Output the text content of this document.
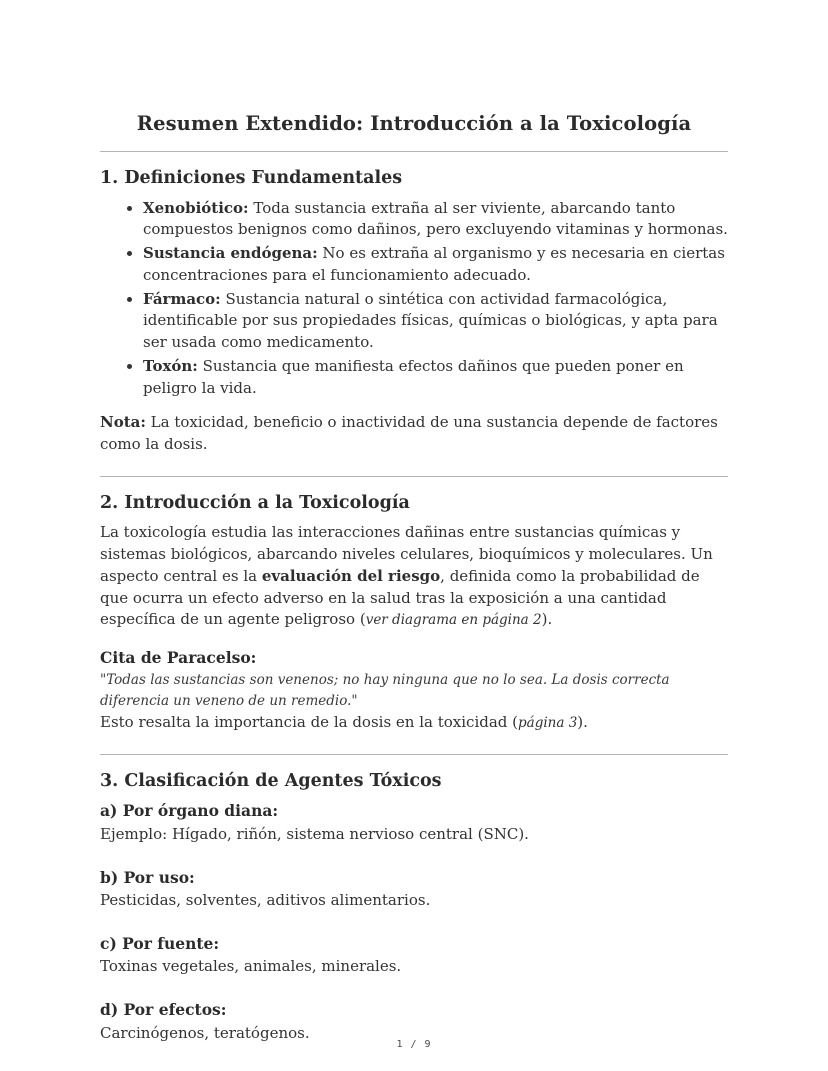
Resumen Extendido: Introducción a la Toxicología
1. Definiciones Fundamentales
• Xenobiótico: Toda sustancia extraña al ser viviente, abarcando tanto compuestos benignos como dañinos, pero excluyendo vitaminas y hormonas.
• Sustancia endógena: No es extraña al organismo y es necesaria en ciertas concentraciones para el funcionamiento adecuado.
• Fármaco: Sustancia natural o sintética con actividad farmacológica, identificable por sus propiedades físicas, químicas o biológicas, y apta para ser usada como medicamento.
• Toxón: Sustancia que manifiesta efectos dañinos que pueden poner en peligro la vida.
Nota: La toxicidad, beneficio o inactividad de una sustancia depende de factores como la dosis.
2. Introducción a la Toxicología
La toxicología estudia las interacciones dañinas entre sustancias químicas y sistemas biológicos, abarcando niveles celulares, bioquímicos y moleculares. Un aspecto central es la evaluación del riesgo, definida como la probabilidad de que ocurra un efecto adverso en la salud tras la exposición a una cantidad específica de un agente peligroso (ver diagrama en página 2).
Cita de Paracelso:
"Todas las sustancias son venenos; no hay ninguna que no lo sea. La dosis correcta diferencia un veneno de un remedio."
Esto resalta la importancia de la dosis en la toxicidad (página 3).
3. Clasificación de Agentes Tóxicos
a) Por órgano diana:
Ejemplo: Hígado, riñón, sistema nervioso central (SNC).
b) Por uso:
Pesticidas, solventes, aditivos alimentarios.
c) Por fuente:
Toxinas vegetales, animales, minerales.
d) Por efectos:
Carcinógenos, teratógenos.
1 / 9
